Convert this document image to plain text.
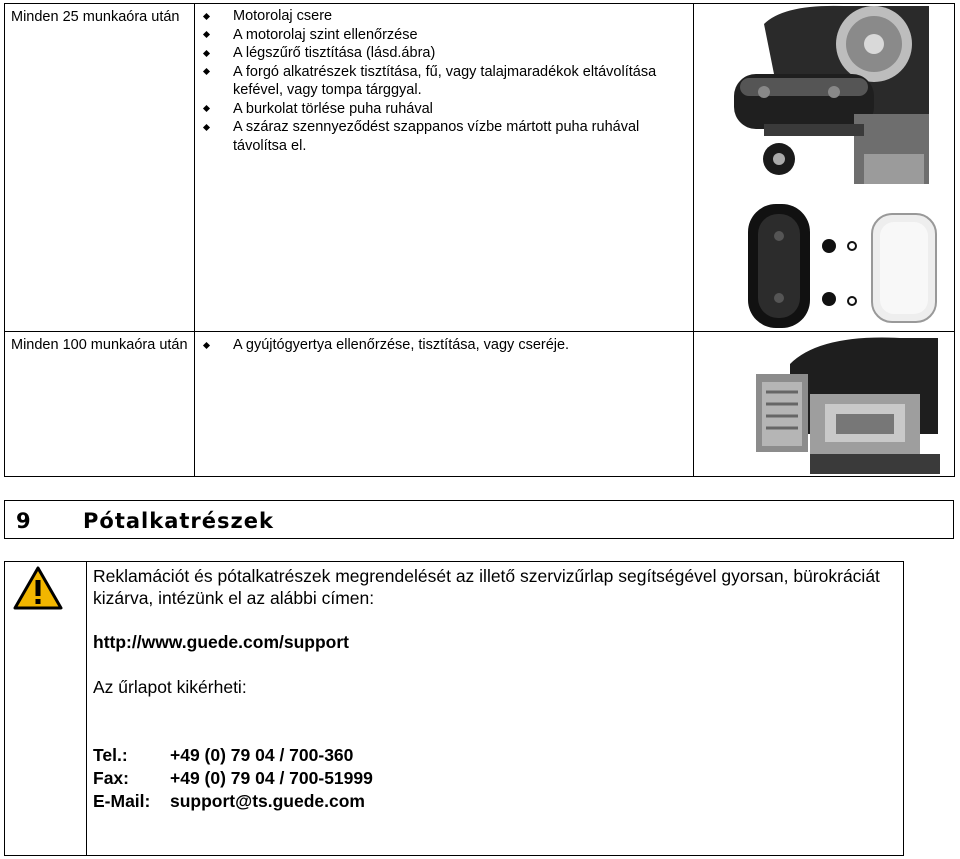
Minden 25 munkaóra után	Motorolaj csere
A motorolaj szint ellenőrzése
A légszűrő tisztítása (lásd.ábra)
A forgó alkatrészek tisztítása, fű, vagy talajmaradékok eltávolítása kefével, vagy tompa tárggyal.
A burkolat törlése puha ruhával
A száraz szennyeződést szappanos vízbe mártott puha ruhával távolítsa el.
Minden 100 munkaóra után	A gyújtógyertya ellenőrzése, tisztítása, vagy cseréje.
9 Pótalkatrészek
Reklamációt és pótalkatrészek megrendelését az illető szervizűrlap segítségével gyorsan, bürokráciát kizárva, intézünk el az alábbi címen:
http://www.guede.com/support
Az űrlapot kikérheti:
Tel.: +49 (0) 79 04 / 700-360
Fax: +49 (0) 79 04 / 700-51999
E-Mail: support@ts.guede.com
